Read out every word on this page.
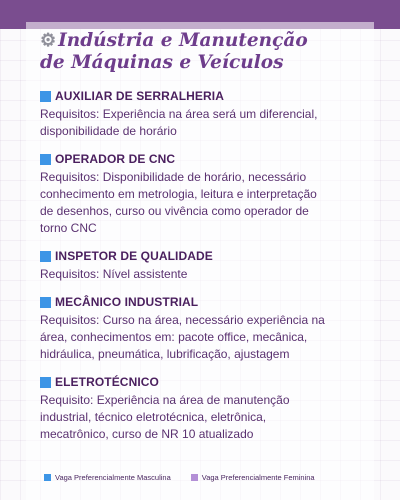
⚙ Indústria e Manutenção
de Máquinas e Veículos
AUXILIAR DE SERRALHERIA
Requisitos: Experiência na área será um diferencial,
disponibilidade de horário
OPERADOR DE CNC
Requisitos: Disponibilidade de horário, necessário
conhecimento em metrologia, leitura e interpretação
de desenhos, curso ou vivência como operador de
torno CNC
INSPETOR DE QUALIDADE
Requisitos: Nível assistente
MECÂNICO INDUSTRIAL
Requisitos: Curso na área, necessário experiência na
área, conhecimentos em: pacote office, mecânica,
hidráulica, pneumática, lubrificação, ajustagem
ELETROTÉCNICO
Requisito: Experiência na área de manutenção
industrial, técnico eletrotécnica, eletrônica,
mecatrônico, curso de NR 10 atualizado
Vaga Preferencialmente Masculina	Vaga Preferencialmente Feminina
